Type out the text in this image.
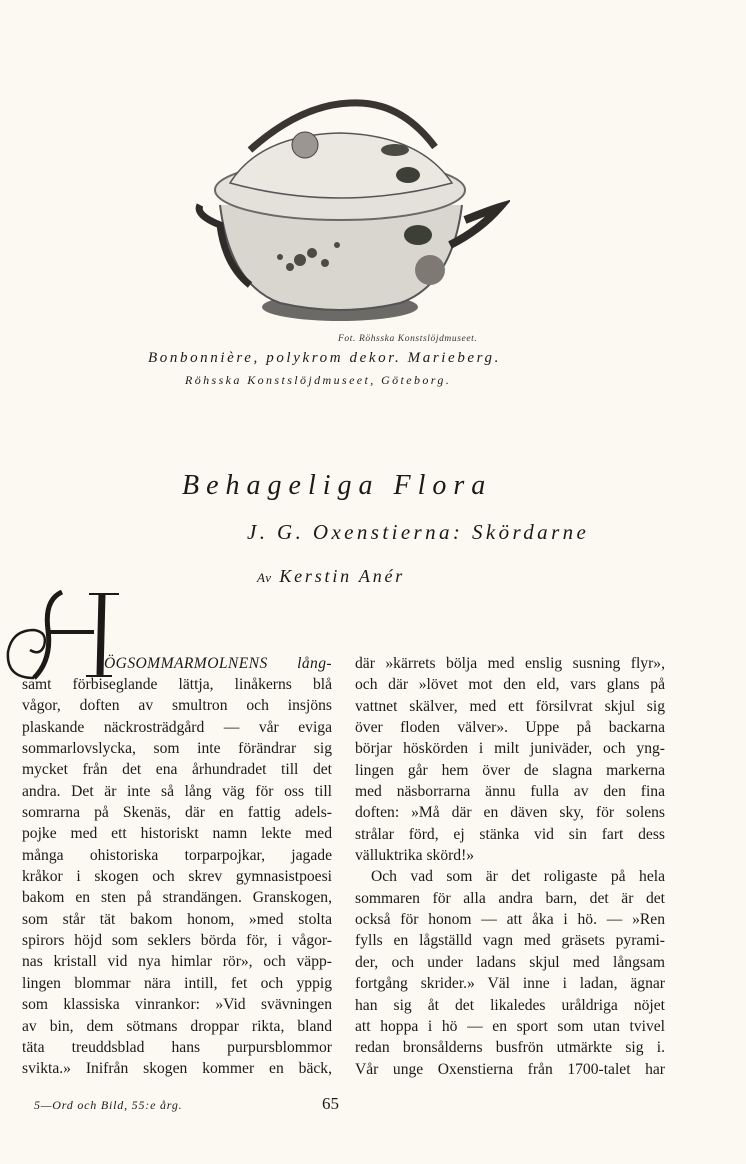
Fot. Röhsska Konstslöjdmuseet.
Bonbonnière, polykrom dekor. Marieberg.
Röhsska Konstslöjdmuseet, Göteborg.
Behageliga Flora
J. G. Oxenstierna: Skördarne
Av Kerstin Anér
H
ÖGSOMMARMOLNENS lång-
samt förbiseglande lättja, linåkerns blå
vågor, doften av smultron och insjöns
plaskande näckrosträdgård — vår eviga
sommarlovslycka, som inte förändrar sig
mycket från det ena århundradet till det
andra. Det är inte så lång väg för oss till
somrarna på Skenäs, där en fattig adels-
pojke med ett historiskt namn lekte med
många ohistoriska torparpojkar, jagade
kråkor i skogen och skrev gymnasistpoesi
bakom en sten på strandängen. Granskogen,
som står tät bakom honom, »med stolta
spirors höjd som seklers börda för, i vågor-
nas kristall vid nya himlar rör», och väpp-
lingen blommar nära intill, fet och yppig
som klassiska vinrankor: »Vid svävningen
av bin, dem sötmans droppar rikta, bland
täta treuddsblad hans purpursblommor
svikta.» Inifrån skogen kommer en bäck,
där »kärrets bölja med enslig susning flyr»,
och där »lövet mot den eld, vars glans på
vattnet skälver, med ett försilvrat skjul sig
över floden välver». Uppe på backarna
börjar höskörden i milt juniväder, och yng-
lingen går hem över de slagna markerna
med näsborrarna ännu fulla av den fina
doften: »Må där en däven sky, för solens
strålar förd, ej stänka vid sin fart dess
välluktrika skörd!»
Och vad som är det roligaste på hela
sommaren för alla andra barn, det är det
också för honom — att åka i hö. — »Ren
fylls en lågställd vagn med gräsets pyrami-
der, och under ladans skjul med långsam
fortgång skrider.» Väl inne i ladan, ägnar
han sig åt det likaledes uråldriga nöjet
att hoppa i hö — en sport som utan tvivel
redan bronsålderns busfrön utmärkte sig i.
Vår unge Oxenstierna från 1700-talet har
5—Ord och Bild, 55:e årg.	65
